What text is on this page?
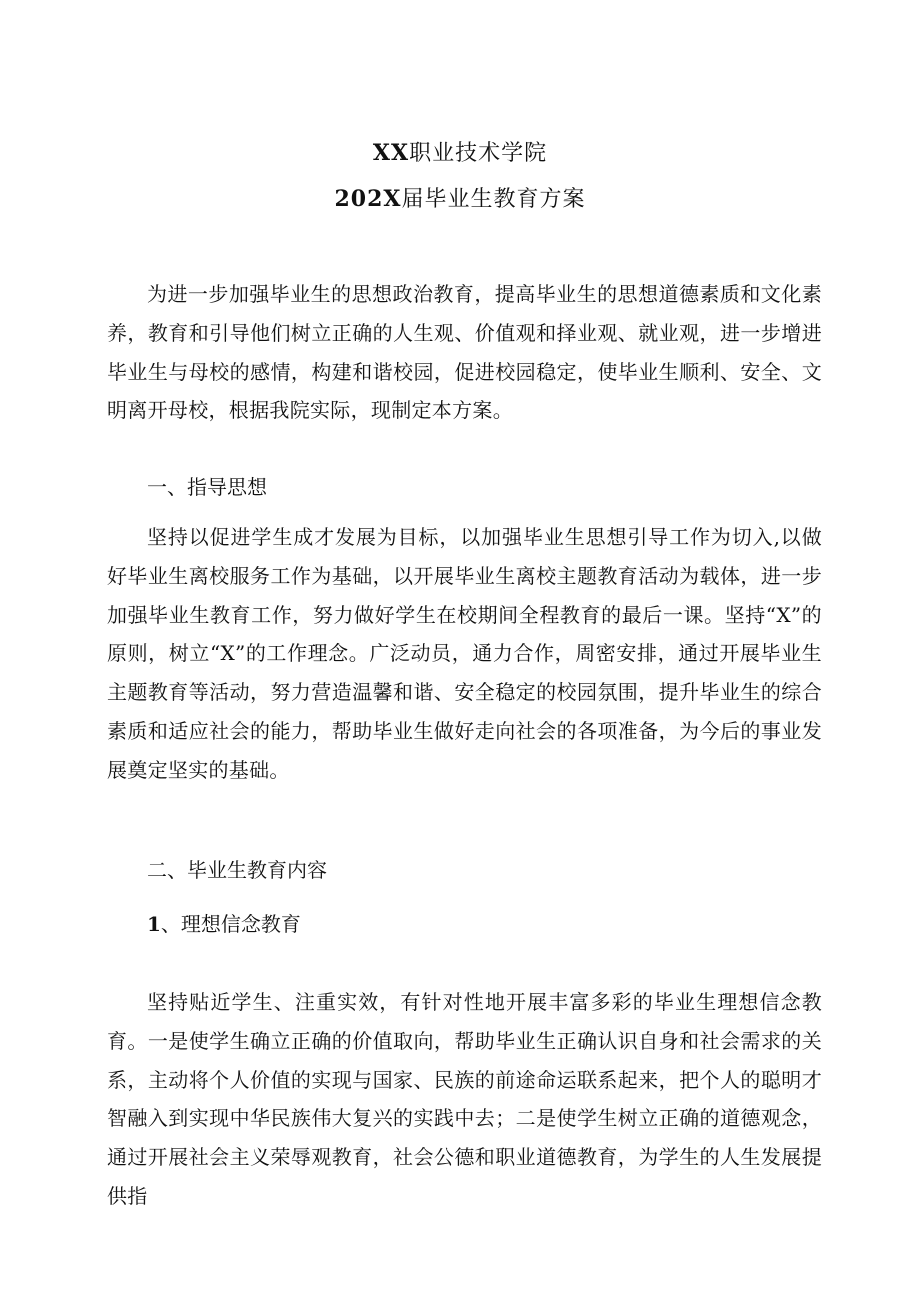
XX职业技术学院
202X届毕业生教育方案

为进一步加强毕业生的思想政治教育，提高毕业生的思想道德素质和文化素养，教育和引导他们树立正确的人生观、价值观和择业观、就业观，进一步增进毕业生与母校的感情，构建和谐校园，促进校园稳定，使毕业生顺利、安全、文明离开母校，根据我院实际，现制定本方案。

一、指导思想

坚持以促进学生成才发展为目标，以加强毕业生思想引导工作为切入,以做好毕业生离校服务工作为基础，以开展毕业生离校主题教育活动为载体，进一步加强毕业生教育工作，努力做好学生在校期间全程教育的最后一课。坚持“X”的原则，树立“X”的工作理念。广泛动员，通力合作，周密安排，通过开展毕业生主题教育等活动，努力营造温馨和谐、安全稳定的校园氛围，提升毕业生的综合素质和适应社会的能力，帮助毕业生做好走向社会的各项准备，为今后的事业发展奠定坚实的基础。

二、毕业生教育内容
1、理想信念教育

坚持贴近学生、注重实效，有针对性地开展丰富多彩的毕业生理想信念教育。一是使学生确立正确的价值取向，帮助毕业生正确认识自身和社会需求的关系，主动将个人价值的实现与国家、民族的前途命运联系起来，把个人的聪明才智融入到实现中华民族伟大复兴的实践中去；二是使学生树立正确的道德观念，通过开展社会主义荣辱观教育，社会公德和职业道德教育，为学生的人生发展提供指
